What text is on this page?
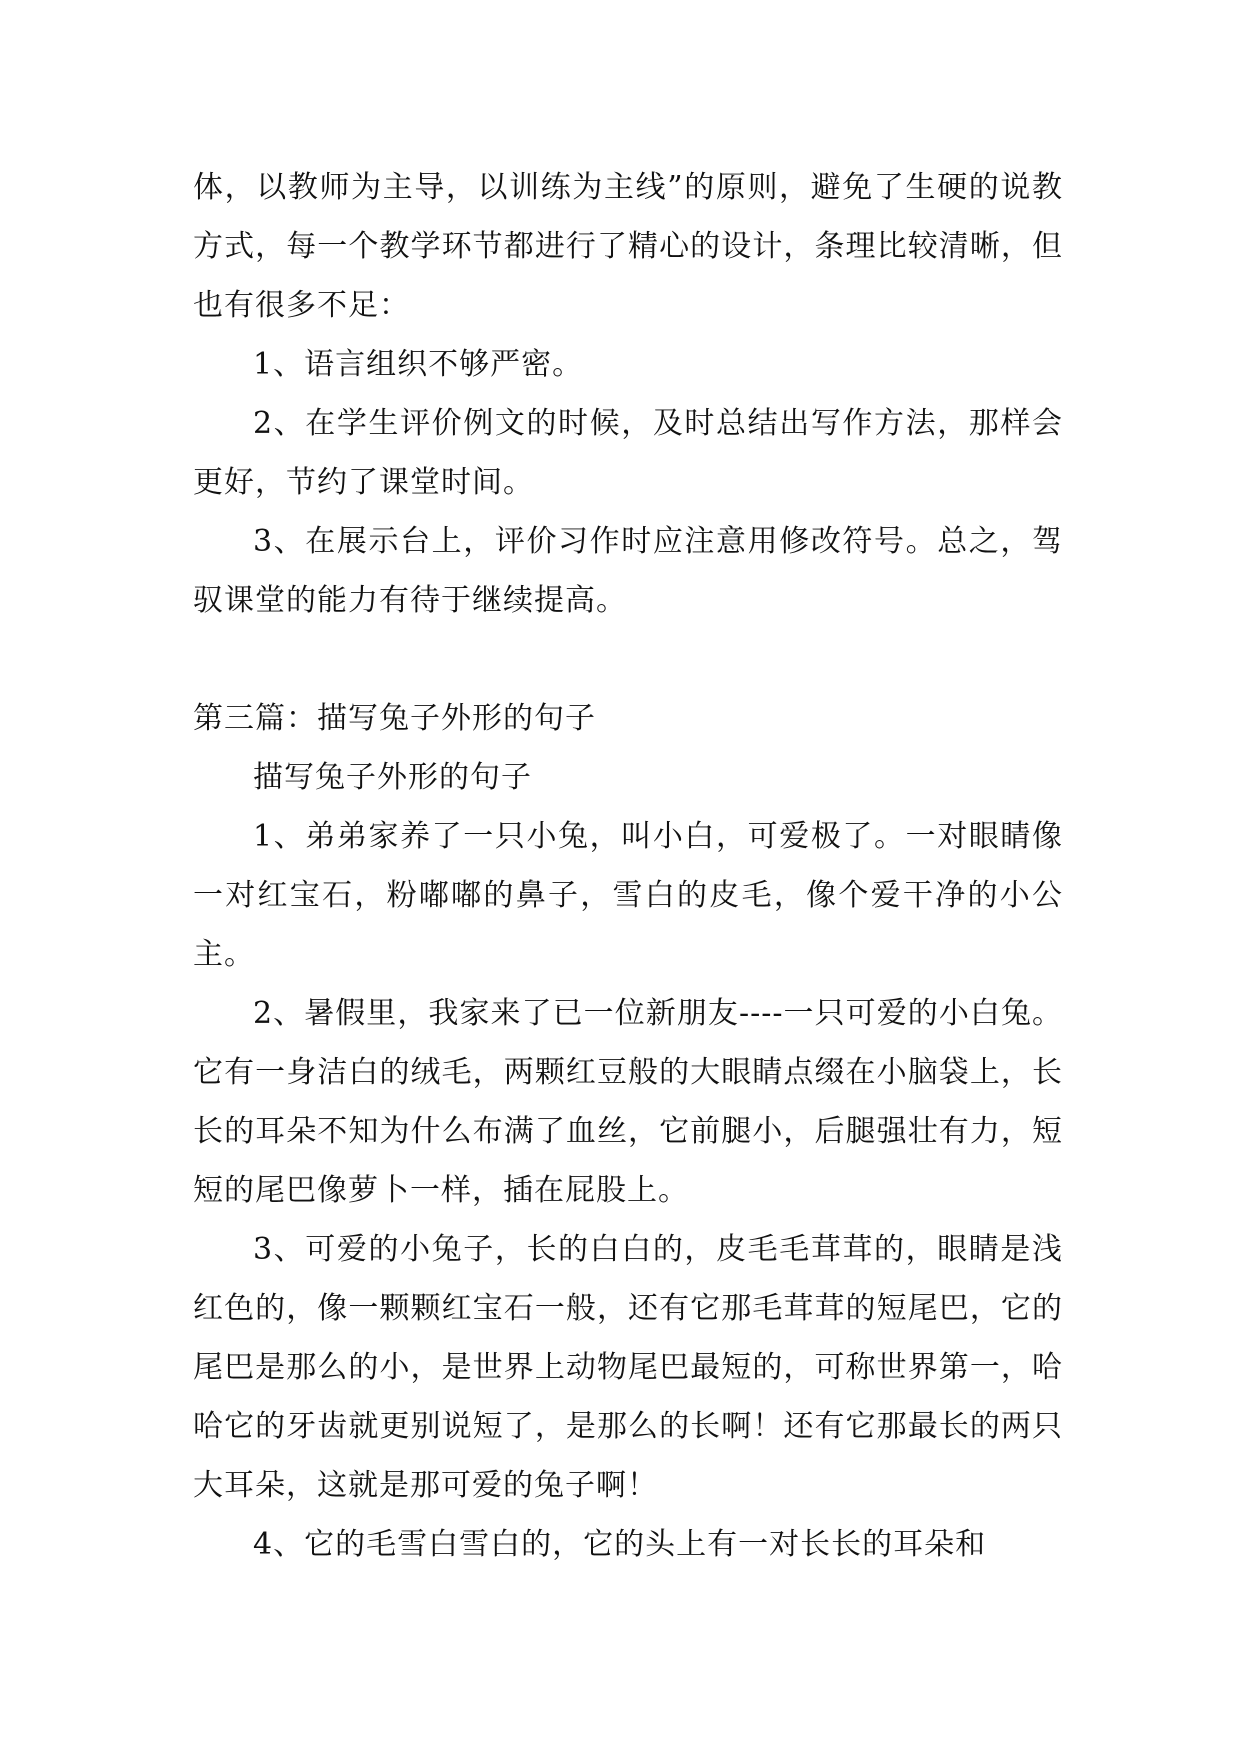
体，以教师为主导，以训练为主线”的原则，避免了生硬的说教方式，每一个教学环节都进行了精心的设计，条理比较清晰，但也有很多不足：

1、语言组织不够严密。

2、在学生评价例文的时候，及时总结出写作方法，那样会更好，节约了课堂时间。

3、在展示台上，评价习作时应注意用修改符号。总之，驾驭课堂的能力有待于继续提高。

第三篇：描写兔子外形的句子

描写兔子外形的句子

1、弟弟家养了一只小兔，叫小白，可爱极了。一对眼睛像一对红宝石，粉嘟嘟的鼻子，雪白的皮毛，像个爱干净的小公主。

2、暑假里，我家来了已一位新朋友----一只可爱的小白兔。它有一身洁白的绒毛，两颗红豆般的大眼睛点缀在小脑袋上，长长的耳朵不知为什么布满了血丝，它前腿小，后腿强壮有力，短短的尾巴像萝卜一样，插在屁股上。

3、可爱的小兔子，长的白白的，皮毛毛茸茸的，眼睛是浅红色的，像一颗颗红宝石一般，还有它那毛茸茸的短尾巴，它的尾巴是那么的小，是世界上动物尾巴最短的，可称世界第一，哈哈它的牙齿就更别说短了，是那么的长啊！还有它那最长的两只大耳朵，这就是那可爱的兔子啊！

4、它的毛雪白雪白的，它的头上有一对长长的耳朵和
